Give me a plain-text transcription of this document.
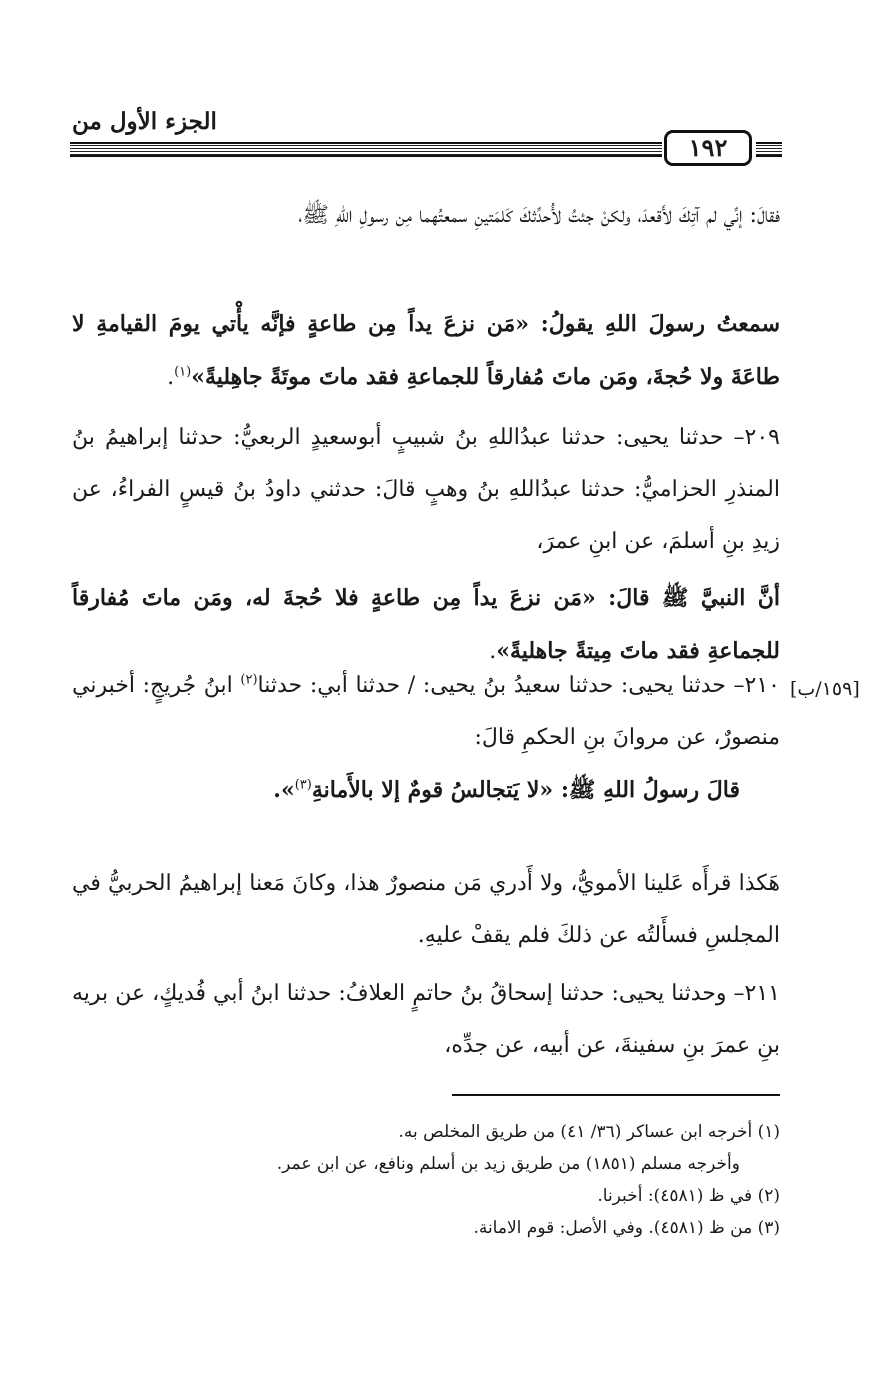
الجزء الأول من
١٩٢
فقالَ: إنِّي لم آتِكَ لأَقعدَ، ولكنْ جئتُ لأُحدِّثكَ كَلمَتينِ سمعتُهما مِن رسولِ اللهِ ﷺ،
سمعتُ رسولَ اللهِ يقولُ: «مَن نزعَ يداً مِن طاعةٍ فإنَّه يأْتي يومَ القيامةِ لا طاعَةَ ولا حُجةَ، ومَن ماتَ مُفارقاً للجماعةِ فقد ماتَ موتَةً جاهِليةً»$^{(١)}$.
٢٠٩– حدثنا يحيى: حدثنا عبدُاللهِ بنُ شبيبٍ أبوسعيدٍ الربعيُّ: حدثنا إبراهيمُ بنُ المنذرِ الحزاميُّ: حدثنا عبدُاللهِ بنُ وهبٍ قالَ: حدثني داودُ بنُ قيسٍ الفراءُ، عن زيدِ بنِ أسلمَ، عن ابنِ عمرَ،
أنَّ النبيَّ ﷺ قالَ: «مَن نزعَ يداً مِن طاعةٍ فلا حُجةَ له، ومَن ماتَ مُفارقاً للجماعةِ فقد ماتَ مِيتةً جاهليةً».
[١٥٩/ب]
٢١٠– حدثنا يحيى: حدثنا سعيدُ بنُ يحيى: / حدثنا أبي: حدثنا$^{(٢)}$ ابنُ جُريجٍ: أخبرني منصورٌ، عن مروانَ بنِ الحكمِ قالَ:
قالَ رسولُ اللهِ ﷺ: «لا يَتجالسُ قومٌ إلا بالأَمانةِ$^{(٣)}$».
هَكذا قرأَه عَلينا الأمويُّ، ولا أَدري مَن منصورٌ هذا، وكانَ مَعنا إبراهيمُ الحربيُّ في المجلسِ فسأَلتُه عن ذلكَ فلم يقفْ عليهِ.
٢١١– وحدثنا يحيى: حدثنا إسحاقُ بنُ حاتمٍ العلافُ: حدثنا ابنُ أبي فُديكٍ، عن بريه بنِ عمرَ بنِ سفينةَ، عن أبيه، عن جدِّه،
(١) أخرجه ابن عساكر (٣٦/ ٤١) من طريق المخلص به.
وأخرجه مسلم (١٨٥١) من طريق زيد بن أسلم ونافع، عن ابن عمر.
(٢) في ظ (٤٥٨١): أخبرنا.
(٣) من ظ (٤٥٨١). وفي الأصل: قوم الامانة.
